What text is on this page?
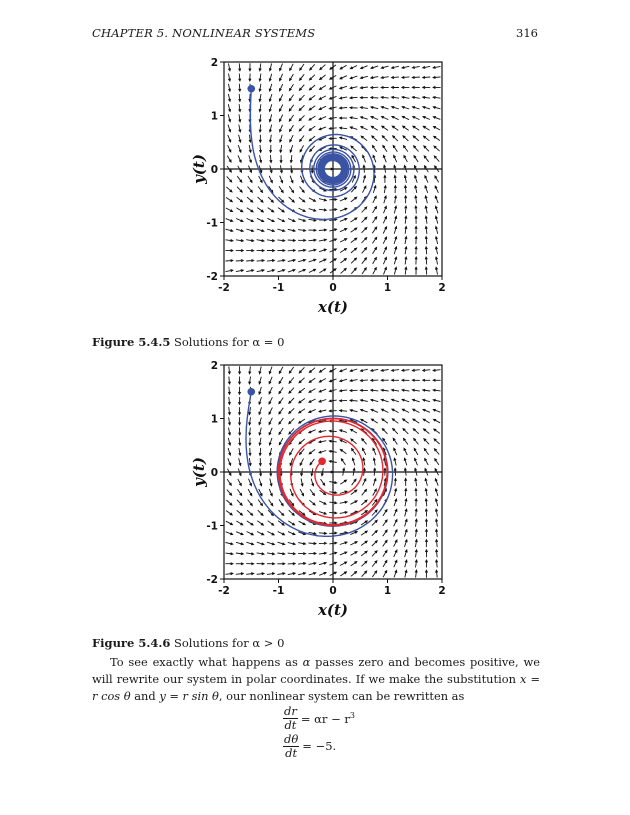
CHAPTER 5. NONLINEAR SYSTEMS	316
-2	-1	0	1	2
-2
-1
0
1
2
x(t)
y(t)
Figure 5.4.5 Solutions for α = 0
-2	-1	0	1	2
-2
-1
0
1
2
x(t)
y(t)
Figure 5.4.6 Solutions for α > 0

To see exactly what happens as α passes zero and becomes positive, we will rewrite our system in polar coordinates. If we make the substitution x = r cos θ and y = r sin θ, our nonlinear system can be rewritten as

$\frac{dr}{dt} = \alpha r - r^3$
$\frac{d\theta}{dt} = -5$.
